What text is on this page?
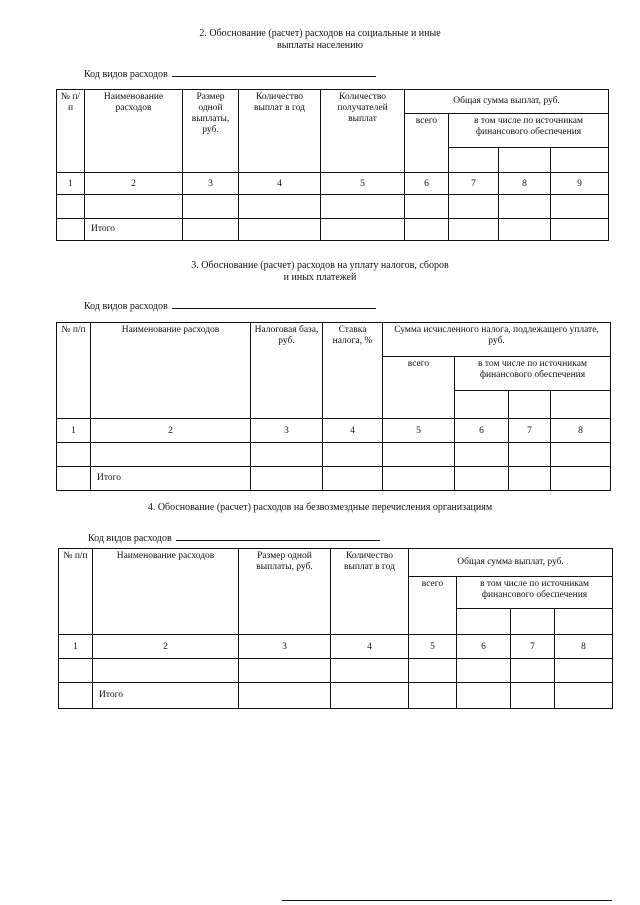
2. Обоснование (расчет) расходов на социальные и иные
выплаты населению
Код видов расходов
№ п/п	Наименование расходов	Размер одной выплаты, руб.	Количество выплат в год	Количество получателей выплат	Общая сумма выплат, руб.			
					всего	в том числе по источникам финансового обеспечения		

1	2	3	4	5	6	7	8	9

	Итого							
3. Обоснование (расчет) расходов на уплату налогов, сборов
и иных платежей
Код видов расходов
№ п/п	Наименование расходов	Налоговая база, руб.	Ставка налога, %	Сумма исчисленного налога, подлежащего уплате, руб.			
				всего	в том числе по источникам финансового обеспечения		

1	2	3	4	5	6	7	8

	Итого						
4. Обоснование (расчет) расходов на безвозмездные перечисления организациям
Код видов расходов
№ п/п	Наименование расходов	Размер одной выплаты, руб.	Количество выплат в год	Общая сумма выплат, руб.			
				всего	в том числе по источникам финансового обеспечения		

1	2	3	4	5	6	7	8

	Итого						
